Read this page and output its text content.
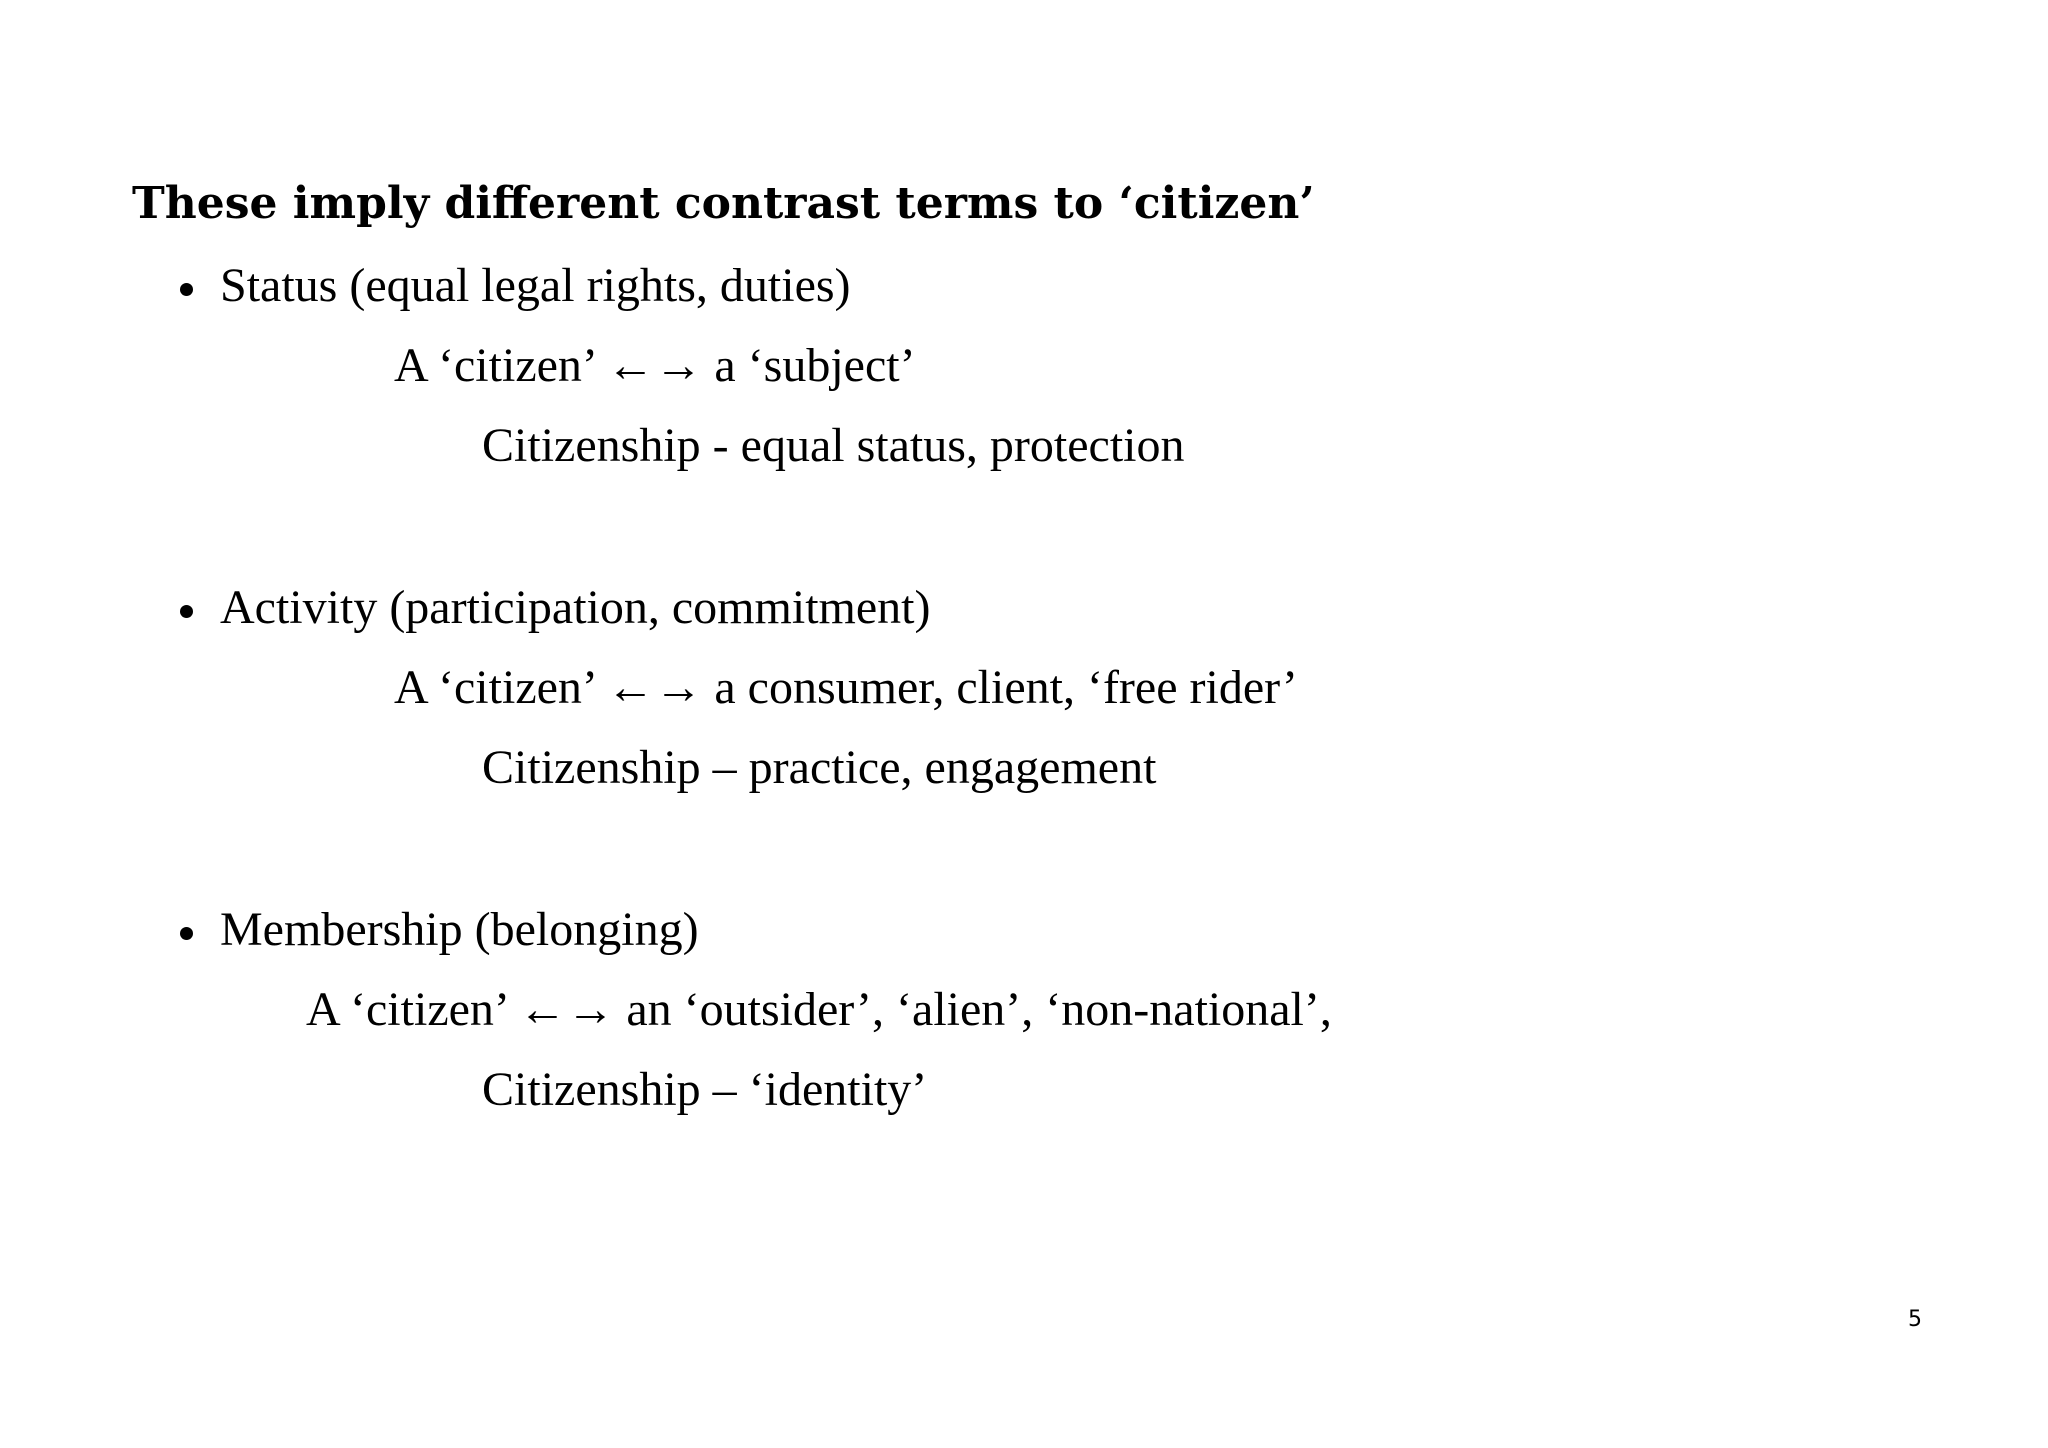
These imply different contrast terms to ‘citizen’
Status (equal legal rights, duties)
A ‘citizen’ ←→ a ‘subject’
Citizenship - equal status, protection
Activity (participation, commitment)
A ‘citizen’ ←→ a consumer, client, ‘free rider’
Citizenship – practice, engagement
Membership (belonging)
A ‘citizen’ ←→ an ‘outsider’, ‘alien’, ‘non-national’,
Citizenship – ‘identity’
5
